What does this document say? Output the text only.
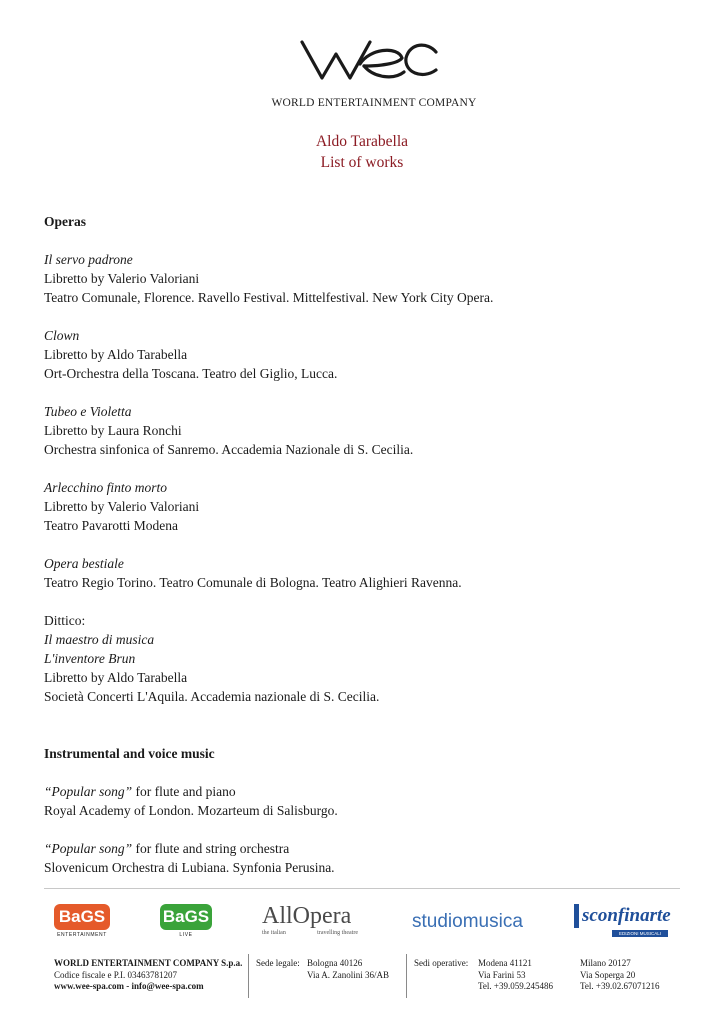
WORLD ENTERTAINMENT COMPANY
Aldo Tarabella
List of works

Operas

Il servo padrone
Libretto by Valerio Valoriani
Teatro Comunale, Florence. Ravello Festival. Mittelfestival. New York City Opera.
Clown
Libretto by Aldo Tarabella
Ort-Orchestra della Toscana. Teatro del Giglio, Lucca.
Tubeo e Violetta
Libretto by Laura Ronchi
Orchestra sinfonica of Sanremo. Accademia Nazionale di S. Cecilia.
Arlecchino finto morto
Libretto by Valerio Valoriani
Teatro Pavarotti Modena
Opera bestiale
Teatro Regio Torino. Teatro Comunale di Bologna. Teatro Alighieri Ravenna.
Dittico:
Il maestro di musica
L'inventore Brun
Libretto by Aldo Tarabella
Società Concerti L'Aquila. Accademia nazionale di S. Cecilia.

Instrumental and voice music

“Popular song” for flute and piano
Royal Academy of London. Mozarteum di Salisburgo.
“Popular song” for flute and string orchestra
Slovenicum Orchestra di Lubiana. Synfonia Perusina.
BaGS
ENTERTAINMENT
BaGS
LIVE
AllOpera
the italian	travelling theatre
studiomusica	sconfinarte
EDIZIONI MUSICALI
WORLD ENTERTAINMENT COMPANY S.p.a.
Codice fiscale e P.I. 03463781207
www.wee-spa.com - info@wee-spa.com
Sede legale: Bologna 40126
Via A. Zanolini 36/AB
Sedi operative:	Modena 41121
Via Farini 53
Tel. +39.059.245486
Milano 20127
Via Soperga 20
Tel. +39.02.67071216
